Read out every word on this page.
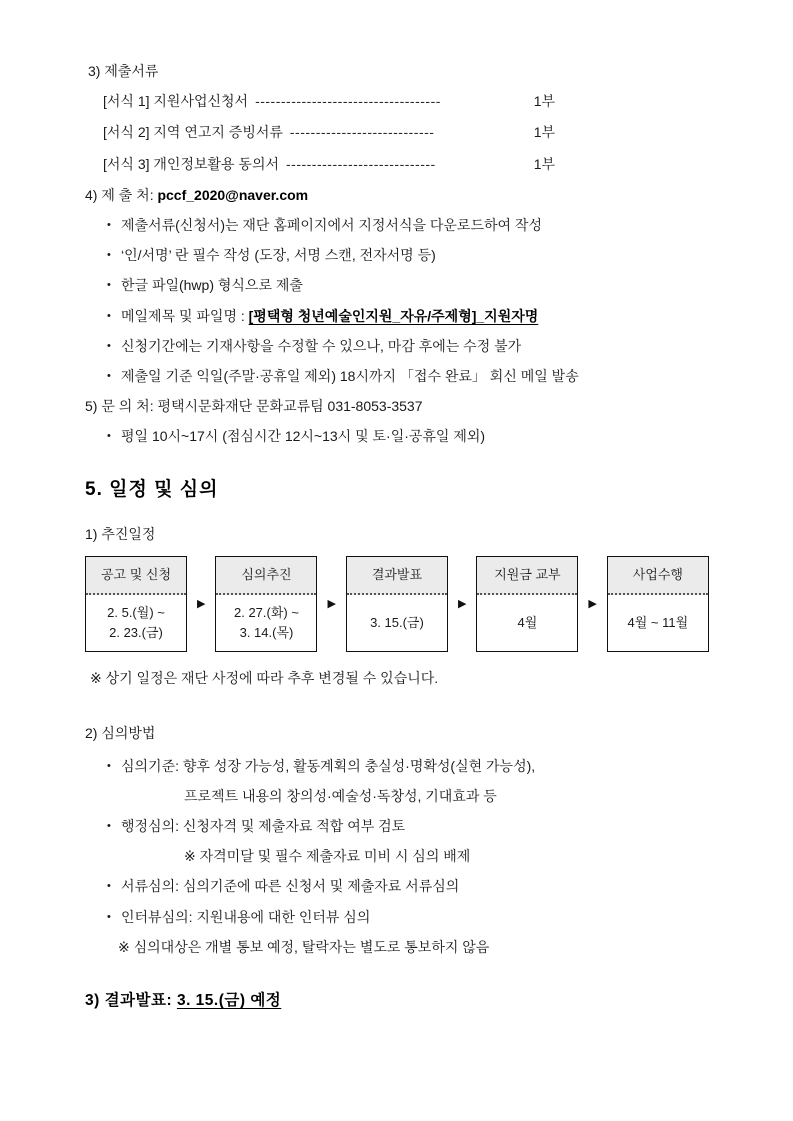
3) 제출서류
[서식 1] 지원사업신청서 ------------------------------------	1부
[서식 2] 지역 연고지 증빙서류 ----------------------------	1부
[서식 3] 개인정보활용 동의서 -----------------------------	1부
4) 제 출 처: pccf_2020@naver.com
• 제출서류(신청서)는 재단 홈페이지에서 지정서식을 다운로드하여 작성
• ‘인/서명’ 란 필수 작성 (도장, 서명 스캔, 전자서명 등)
• 한글 파일(hwp) 형식으로 제출
• 메일제목 및 파일명 : [평택형 청년예술인지원_자유/주제형]_지원자명
• 신청기간에는 기재사항을 수정할 수 있으나, 마감 후에는 수정 불가
• 제출일 기준 익일(주말·공휴일 제외) 18시까지 「접수 완료」 회신 메일 발송
5) 문 의 처: 평택시문화재단 문화교류팀 031-8053-3537
• 평일 10시~17시 (점심시간 12시~13시 및 토·일·공휴일 제외)
5. 일정 및 심의
1) 추진일정
공고 및 신청
2. 5.(월) ~
2. 23.(금)
▶
심의추진
2. 27.(화) ~
3. 14.(목)
▶
결과발표
3. 15.(금)
▶
지원금 교부
4월
▶
사업수행
4월 ~ 11월
※ 상기 일정은 재단 사정에 따라 추후 변경될 수 있습니다.
2) 심의방법
• 심의기준: 향후 성장 가능성, 활동계획의 충실성·명확성(실현 가능성),
프로젝트 내용의 창의성·예술성·독창성, 기대효과 등
• 행정심의: 신청자격 및 제출자료 적합 여부 검토
※ 자격미달 및 필수 제출자료 미비 시 심의 배제
• 서류심의: 심의기준에 따른 신청서 및 제출자료 서류심의
• 인터뷰심의: 지원내용에 대한 인터뷰 심의
※ 심의대상은 개별 통보 예정, 탈락자는 별도로 통보하지 않음
3) 결과발표: 3. 15.(금) 예정
